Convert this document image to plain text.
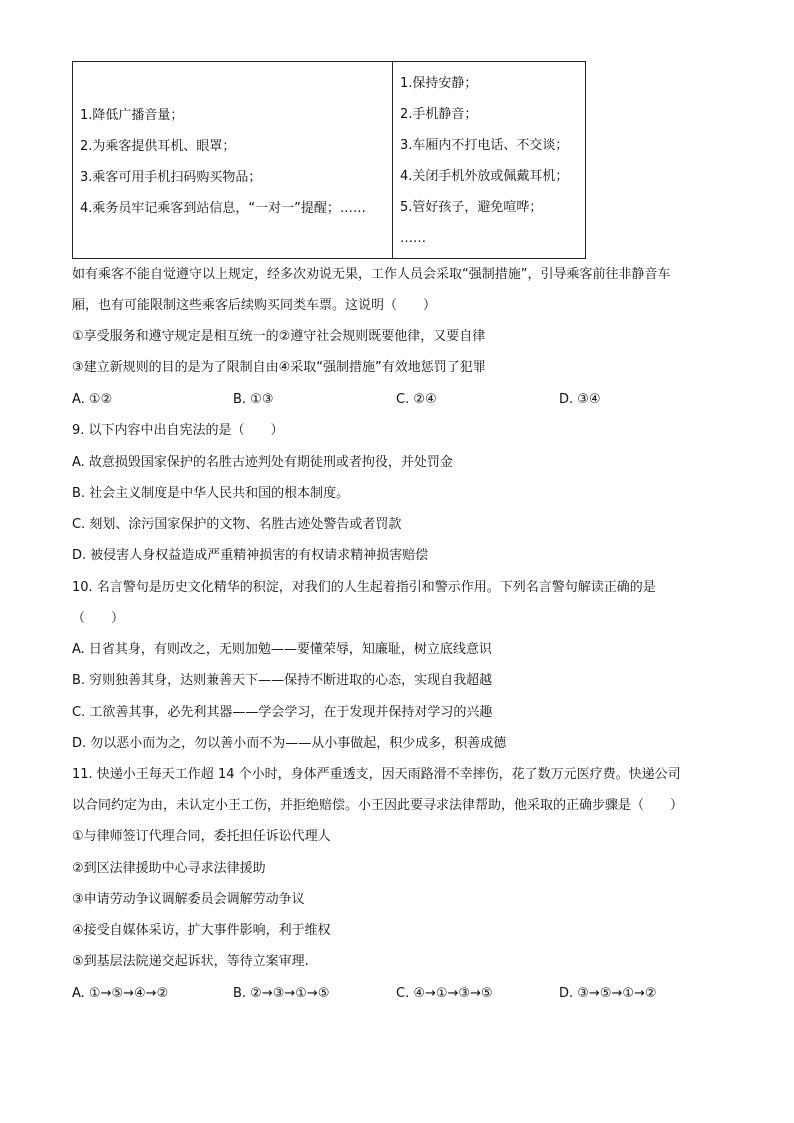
1.降低广播音量；
2.为乘客提供耳机、眼罩；
3.乘客可用手机扫码购买物品；
4.乘务员牢记乘客到站信息，“一对一”提醒；……

1.保持安静；
2.手机静音；
3.车厢内不打电话、不交谈；
4.关闭手机外放或佩戴耳机；
5.管好孩子，避免喧哗；
……
如有乘客不能自觉遵守以上规定，经多次劝说无果，工作人员会采取“强制措施”，引导乘客前往非静音车
厢，也有可能限制这些乘客后续购买同类车票。这说明（　　）
①享受服务和遵守规定是相互统一的②遵守社会规则既要他律，又要自律
③建立新规则的目的是为了限制自由④采取“强制措施”有效地惩罚了犯罪
A. ①②	B. ①③	C. ②④	D. ③④
9. 以下内容中出自宪法的是（　　）
A. 故意损毁国家保护的名胜古迹判处有期徒刑或者拘役，并处罚金
B. 社会主义制度是中华人民共和国的根本制度。
C. 刻划、涂污国家保护的文物、名胜古迹处警告或者罚款
D. 被侵害人身权益造成严重精神损害的有权请求精神损害赔偿
10. 名言警句是历史文化精华的积淀，对我们的人生起着指引和警示作用。下列名言警句解读正确的是
（　　）
A. 日省其身，有则改之，无则加勉——要懂荣辱，知廉耻，树立底线意识
B. 穷则独善其身，达则兼善天下——保持不断进取的心态，实现自我超越
C. 工欲善其事，必先利其器——学会学习，在于发现并保持对学习的兴趣
D. 勿以恶小而为之，勿以善小而不为——从小事做起，积少成多，积善成德
11. 快递小王每天工作超 14 个小时，身体严重透支，因天雨路滑不幸摔伤，花了数万元医疗费。快递公司
以合同约定为由，未认定小王工伤，并拒绝赔偿。小王因此要寻求法律帮助，他采取的正确步骤是（　　）
①与律师签订代理合同，委托担任诉讼代理人
②到区法律援助中心寻求法律援助
③申请劳动争议调解委员会调解劳动争议
④接受自媒体采访，扩大事件影响，利于维权
⑤到基层法院递交起诉状，等待立案审理.
A. ①→⑤→④→②	B. ②→③→①→⑤	C. ④→①→③→⑤	D. ③→⑤→①→②
